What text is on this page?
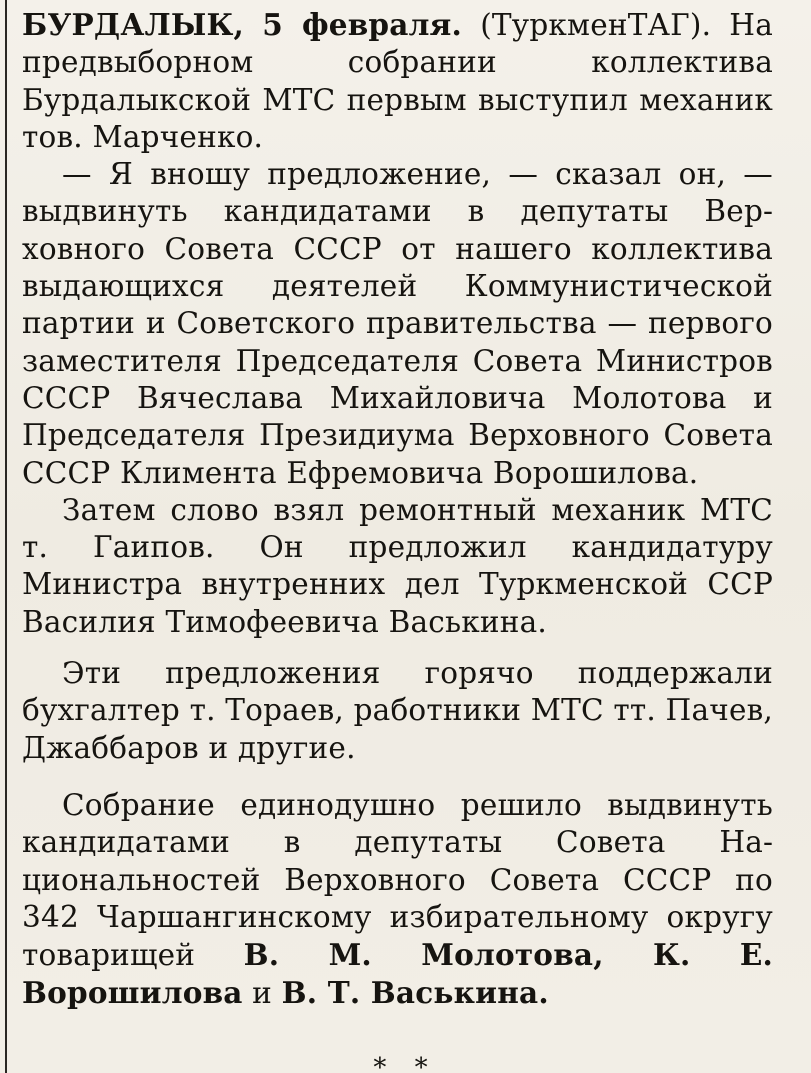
БУРДАЛЫК, 5 февраля. (ТуркменТАГ). На предвыборном собрании коллектива Бурдалыкской МТС первым выступил механик тов. Марченко.

— Я вношу предложение, — сказал он, —выдвинуть кандидатами в депутаты Верховного Совета СССР от нашего коллектива выдающихся деятелей Коммунистической партии и Советского правительства — первого заместителя Председателя Совета Министров СССР Вячеслава Михайловича Молотова и Председателя Президиума Верховного Совета СССР Климента Ефремовича Ворошилова.

Затем слово взял ремонтный механик МТС т. Гаипов. Он предложил кандидатуру Министра внутренних дел Туркменской ССР Василия Тимофеевича Васькина.

Эти предложения горячо поддержали бухгалтер т. Тораев, работники МТС тт. Пачев, Джаббаров и другие.

Собрание единодушно решило выдвинуть кандидатами в депутаты Совета Национальностей Верховного Совета СССР по 342 Чаршангинскому избирательному округу товарищей В. М. Молотова, К. Е. Ворошилова и В. Т. Васькина.

* *
